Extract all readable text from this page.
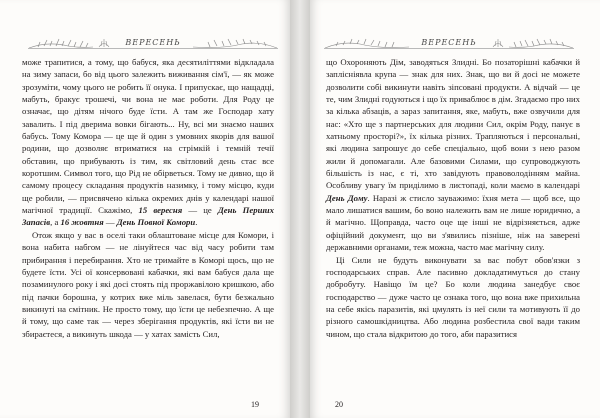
ВЕРЕСЕНЬ

може трапитися, а тому, що бабуся, яка десятиліттями відкладала на зиму запаси, бо від цього залежить виживання сім'ї, — як може зрозуміти, чому цього не робить її онука. І припускає, що нащадці, мабуть, бракує трошечі, чи вона не має роботи. Для Роду це означає, що дітям нічого буде їсти. А там же Господар хату завалить. І під дверима вовки бігають... Ну, всі ми знаємо наших бабусь. Тому Комора — це ще й один з умовних якорів для вашої родини, що дозволяє втриматися на стрімкій і темній течії обставин, що прибувають із тим, як світловий день стає все коротшим. Символ того, що Рід не обірветься. Тому не дивно, що й самому процесу складання продуктів назимку, і тому місцю, куди ще робили, — присвячено кілька окремих днів у календарі нашої магічної традиції. Скажімо, 15 вересня — це День Перших Запасів, а 16 жовтня — День Повної Комори.

Отож якщо у вас в оселі таки облаштоване місце для Комори, і вона набита набгом — не лінуйтеся час від часу робити там прибирання і перебирання. Хто не тримайте в Коморі щось, що не будете їсти. Усі ої консервовані кабачки, які вам бабуся дала ще позаминулого року і які досі стоять під проржавілою кришкою, або під пачки борошна, у котрих вже міль завелася, бути безжально викинуті на смітник. Не просто тому, що їсти це небезпечно. А ще й тому, що саме так — через зберігання продуктів, які їсти ви не збираєтеся, а викинуть шкода — у хатах замість Сил,

19
ВЕРЕСЕНЬ

що Охороняють Дім, заводяться Злидні. Бо позаторішні кабачки й заплісніявла крупа — знак для них. Знак, що ви й досі не можете дозволити собі викинути навіть зіпсовані продукти. А відчай — це те, чим Злидні годуються і що їх приваблює в дім. Згадаємо про них за кілька абзаців, а зараз запитання, яке, мабуть, вже озвучили для нас: «Хто ще з партнерських для людини Сил, окрім Роду, панує в хатньому просторі?», їх кілька різних. Трапляються і персональні, які людина запрошує до себе спеціально, щоб вони з нею разом жили й допомагали. Але базовими Силами, що супроводжують більшість із нас, є ті, хто завідують правоволодінням майна. Особливу увагу їм приділимо в листопаді, коли маємо в календарі День Дому. Наразі ж стисло зауважимо: їхня мета — щоб все, що мало лишатися вашим, бо воно належить вам не лише юридично, а й магічно. Щоправда, часто оце ще інші не відрізняється, адже офіційний документ, що ви з'явились пізніше, ніж на заверені державними органами, теж можна, часто має магічну силу.

Ці Сили не будуть виконувати за вас побут обов'язки з господарських справ. Але пасивно докладатимуться до стану добробуту. Навіщо їм це? Бо коли людина занедбує своє господарство — дуже часто це ознака того, що вона вже прихильна на себе якісь паразитів, які цмулять із неї сили та мотивують її до різного самошкідництва. Або людина розбестила свої вади таким чином, що стала відкритою до того, аби паразитися

20
